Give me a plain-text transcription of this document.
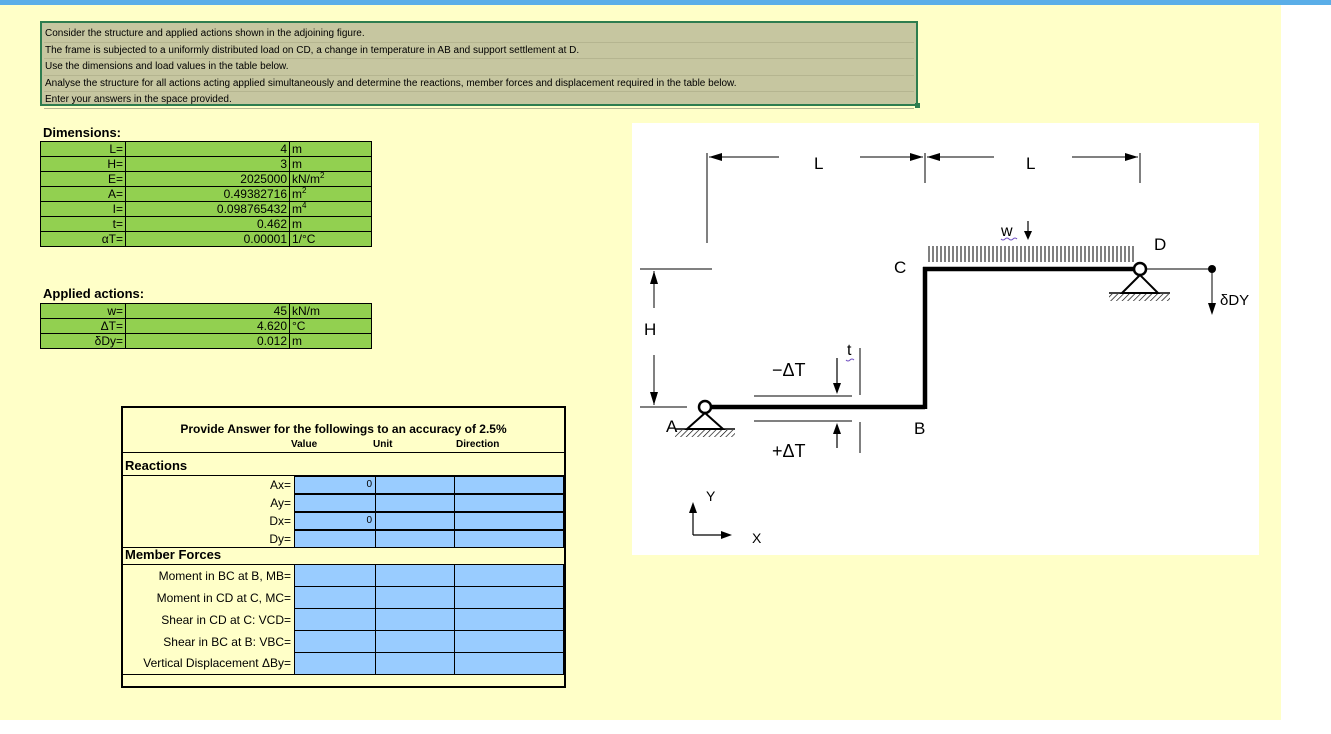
Consider the structure and applied actions shown in the adjoining figure.
The frame is subjected to a uniformly distributed load on CD, a change in temperature in AB and support settlement at D.
Use the dimensions and load values in the table below.
Analyse the structure for all actions acting applied simultaneously and determine the reactions, member forces and displacement required in the table below.
Enter your answers in the space provided.
Dimensions:
L=	4	m
H=	3	m
E=	2025000	$kN/m^2$
A=	0.49382716	$m^2$
I=	0.098765432	$m^4$
t=	0.462	m
αT=	0.00001	1/°C
Applied actions:
w=	45	kN/m
ΔT=	4.620	°C
δDy=	0.012	m
Provide Answer for the followings to an accuracy of 2.5%
Value	Unit	Direction
Reactions
Ax=	0
Ay=
Dx=	0
Dy=
Member Forces
Moment in BC at B, MB=
Moment in CD at C, MC=
Shear in CD at C: VCD=
Shear in BC at B: VBC=
Vertical Displacement ΔBy=
L	L
H
w
C
D
δDY
A	B
−ΔT
+ΔT
t
Y
X
